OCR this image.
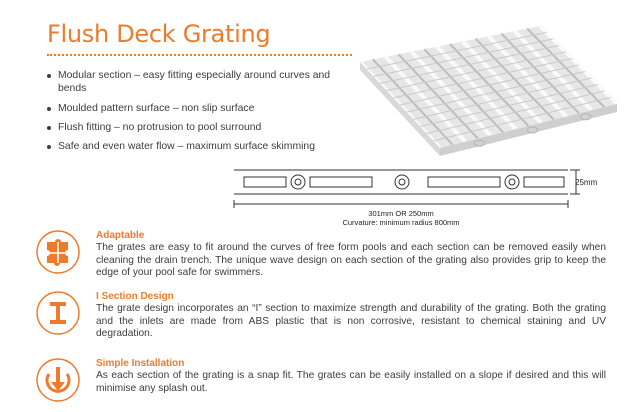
Flush Deck Grating
Modular section – easy fitting especially around curves and bends
Moulded pattern surface – non slip surface
Flush fitting – no protrusion to pool surround
Safe and even water flow – maximum surface skimming
25mm
301mm OR 250mm
Curvature: minimum radius 800mm
Adaptable

The grates are easy to fit around the curves of free form pools and each section can be removed easily when cleaning the drain trench. The unique wave design on each section of the grating also provides grip to keep the edge of your pool safe for swimmers.

I Section Design

The grate design incorporates an “I” section to maximize strength and durability of the grating. Both the grating and the inlets are made from ABS plastic that is non corrosive, resistant to chemical staining and UV degradation.

Simple Installation

As each section of the grating is a snap fit. The grates can be easily installed on a slope if desired and this will minimise any splash out.
